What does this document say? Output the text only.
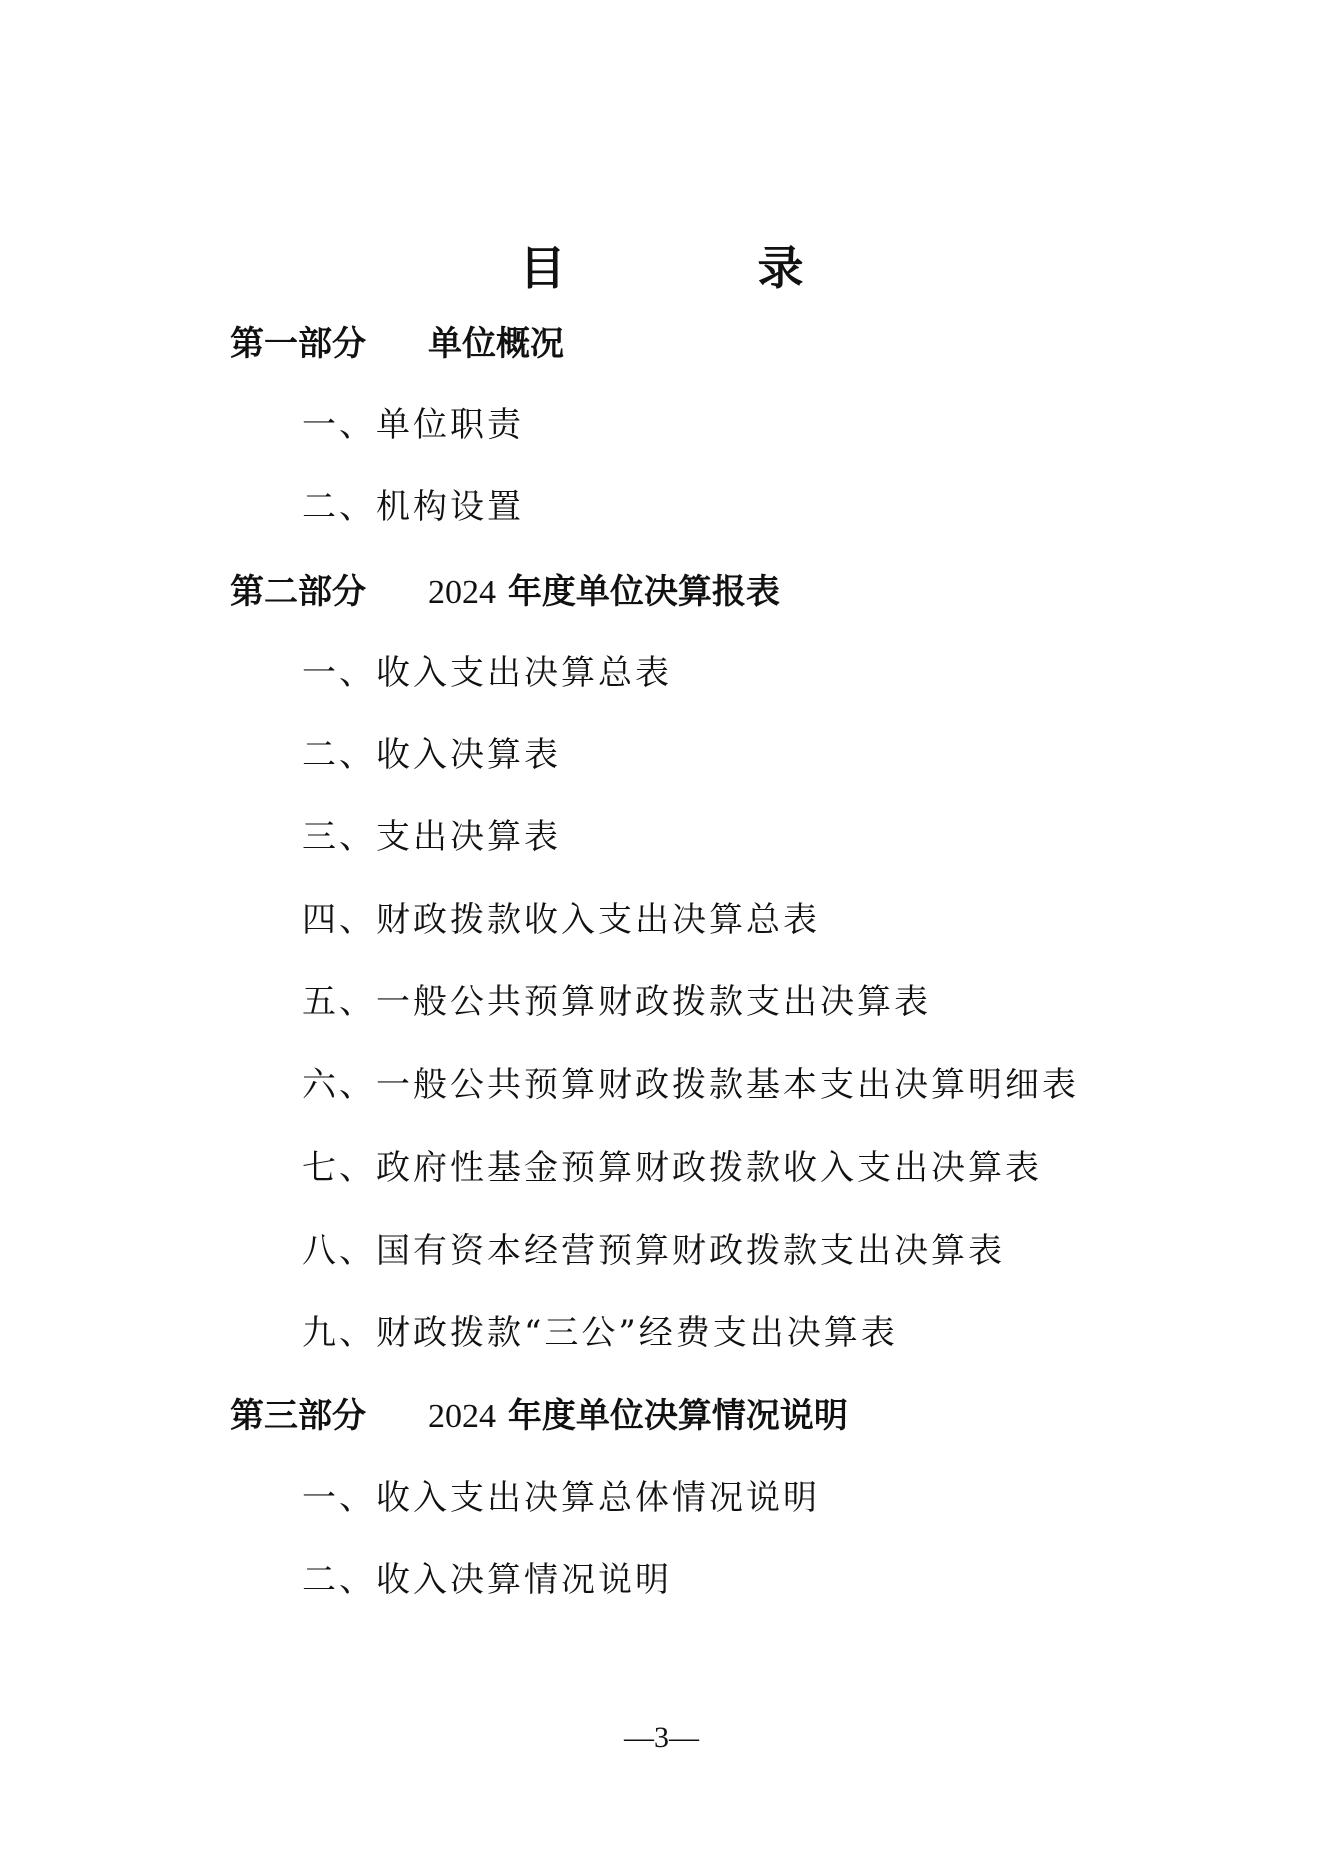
目 录
第一部分 单位概况
一、单位职责
二、机构设置
第二部分 2024 年度单位决算报表
一、收入支出决算总表
二、收入决算表
三、支出决算表
四、财政拨款收入支出决算总表
五、一般公共预算财政拨款支出决算表
六、一般公共预算财政拨款基本支出决算明细表
七、政府性基金预算财政拨款收入支出决算表
八、国有资本经营预算财政拨款支出决算表
九、财政拨款“三公”经费支出决算表
第三部分 2024 年度单位决算情况说明
一、收入支出决算总体情况说明
二、收入决算情况说明
—3—
